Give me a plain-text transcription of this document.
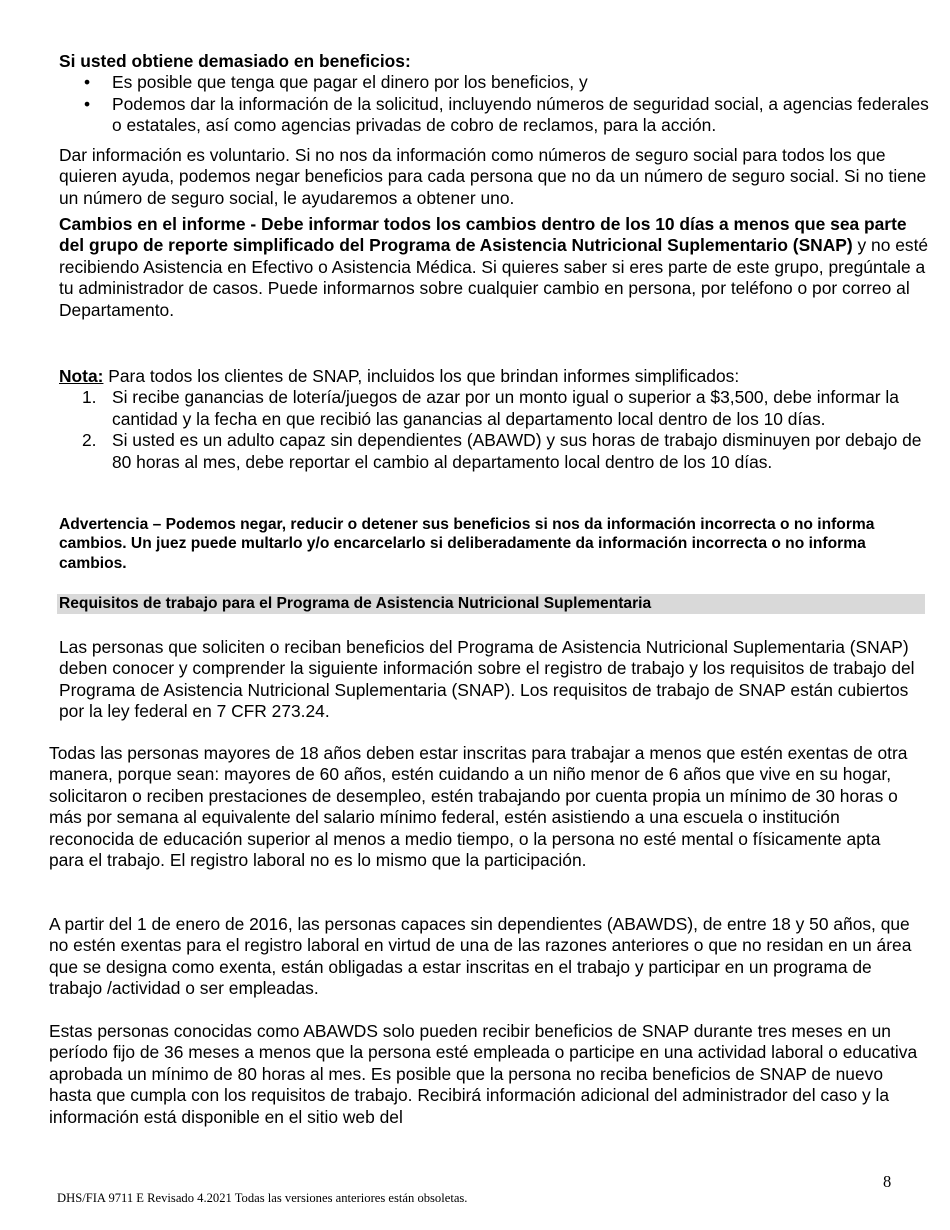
Si usted obtiene demasiado en beneficios:

• Es posible que tenga que pagar el dinero por los beneficios, y
• Podemos dar la información de la solicitud, incluyendo números de seguridad social, a agencias federales o estatales, así como agencias privadas de cobro de reclamos, para la acción.

Dar información es voluntario. Si no nos da información como números de seguro social para todos los que quieren ayuda, podemos negar beneficios para cada persona que no da un número de seguro social. Si no tiene un número de seguro social, le ayudaremos a obtener uno.

Cambios en el informe - Debe informar todos los cambios dentro de los 10 días a menos que sea parte del grupo de reporte simplificado del Programa de Asistencia Nutricional Suplementario (SNAP) y no esté recibiendo Asistencia en Efectivo o Asistencia Médica. Si quieres saber si eres parte de este grupo, pregúntale a tu administrador de casos. Puede informarnos sobre cualquier cambio en persona, por teléfono o por correo al Departamento.

Nota: Para todos los clientes de SNAP, incluidos los que brindan informes simplificados:

1. Si recibe ganancias de lotería/juegos de azar por un monto igual o superior a $3,500, debe informar la cantidad y la fecha en que recibió las ganancias al departamento local dentro de los 10 días.
2. Si usted es un adulto capaz sin dependientes (ABAWD) y sus horas de trabajo disminuyen por debajo de 80 horas al mes, debe reportar el cambio al departamento local dentro de los 10 días.

Advertencia – Podemos negar, reducir o detener sus beneficios si nos da información incorrecta o no informa cambios. Un juez puede multarlo y/o encarcelarlo si deliberadamente da información incorrecta o no informa cambios.

Requisitos de trabajo para el Programa de Asistencia Nutricional Suplementaria

Las personas que soliciten o reciban beneficios del Programa de Asistencia Nutricional Suplementaria (SNAP) deben conocer y comprender la siguiente información sobre el registro de trabajo y los requisitos de trabajo del Programa de Asistencia Nutricional Suplementaria (SNAP). Los requisitos de trabajo de SNAP están cubiertos por la ley federal en 7 CFR 273.24.

Todas las personas mayores de 18 años deben estar inscritas para trabajar a menos que estén exentas de otra manera, porque sean: mayores de 60 años, estén cuidando a un niño menor de 6 años que vive en su hogar, solicitaron o reciben prestaciones de desempleo, estén trabajando por cuenta propia un mínimo de 30 horas o más por semana al equivalente del salario mínimo federal, estén asistiendo a una escuela o institución reconocida de educación superior al menos a medio tiempo, o la persona no esté mental o físicamente apta para el trabajo. El registro laboral no es lo mismo que la participación.

A partir del 1 de enero de 2016, las personas capaces sin dependientes (ABAWDS), de entre 18 y 50 años, que no estén exentas para el registro laboral en virtud de una de las razones anteriores o que no residan en un área que se designa como exenta, están obligadas a estar inscritas en el trabajo y participar en un programa de trabajo /actividad o ser empleadas.

Estas personas conocidas como ABAWDS solo pueden recibir beneficios de SNAP durante tres meses en un período fijo de 36 meses a menos que la persona esté empleada o participe en una actividad laboral o educativa aprobada un mínimo de 80 horas al mes. Es posible que la persona no reciba beneficios de SNAP de nuevo hasta que cumpla con los requisitos de trabajo. Recibirá información adicional del administrador del caso y la información está disponible en el sitio web del

8
DHS/FIA 9711 E Revisado 4.2021 Todas las versiones anteriores están obsoletas.
